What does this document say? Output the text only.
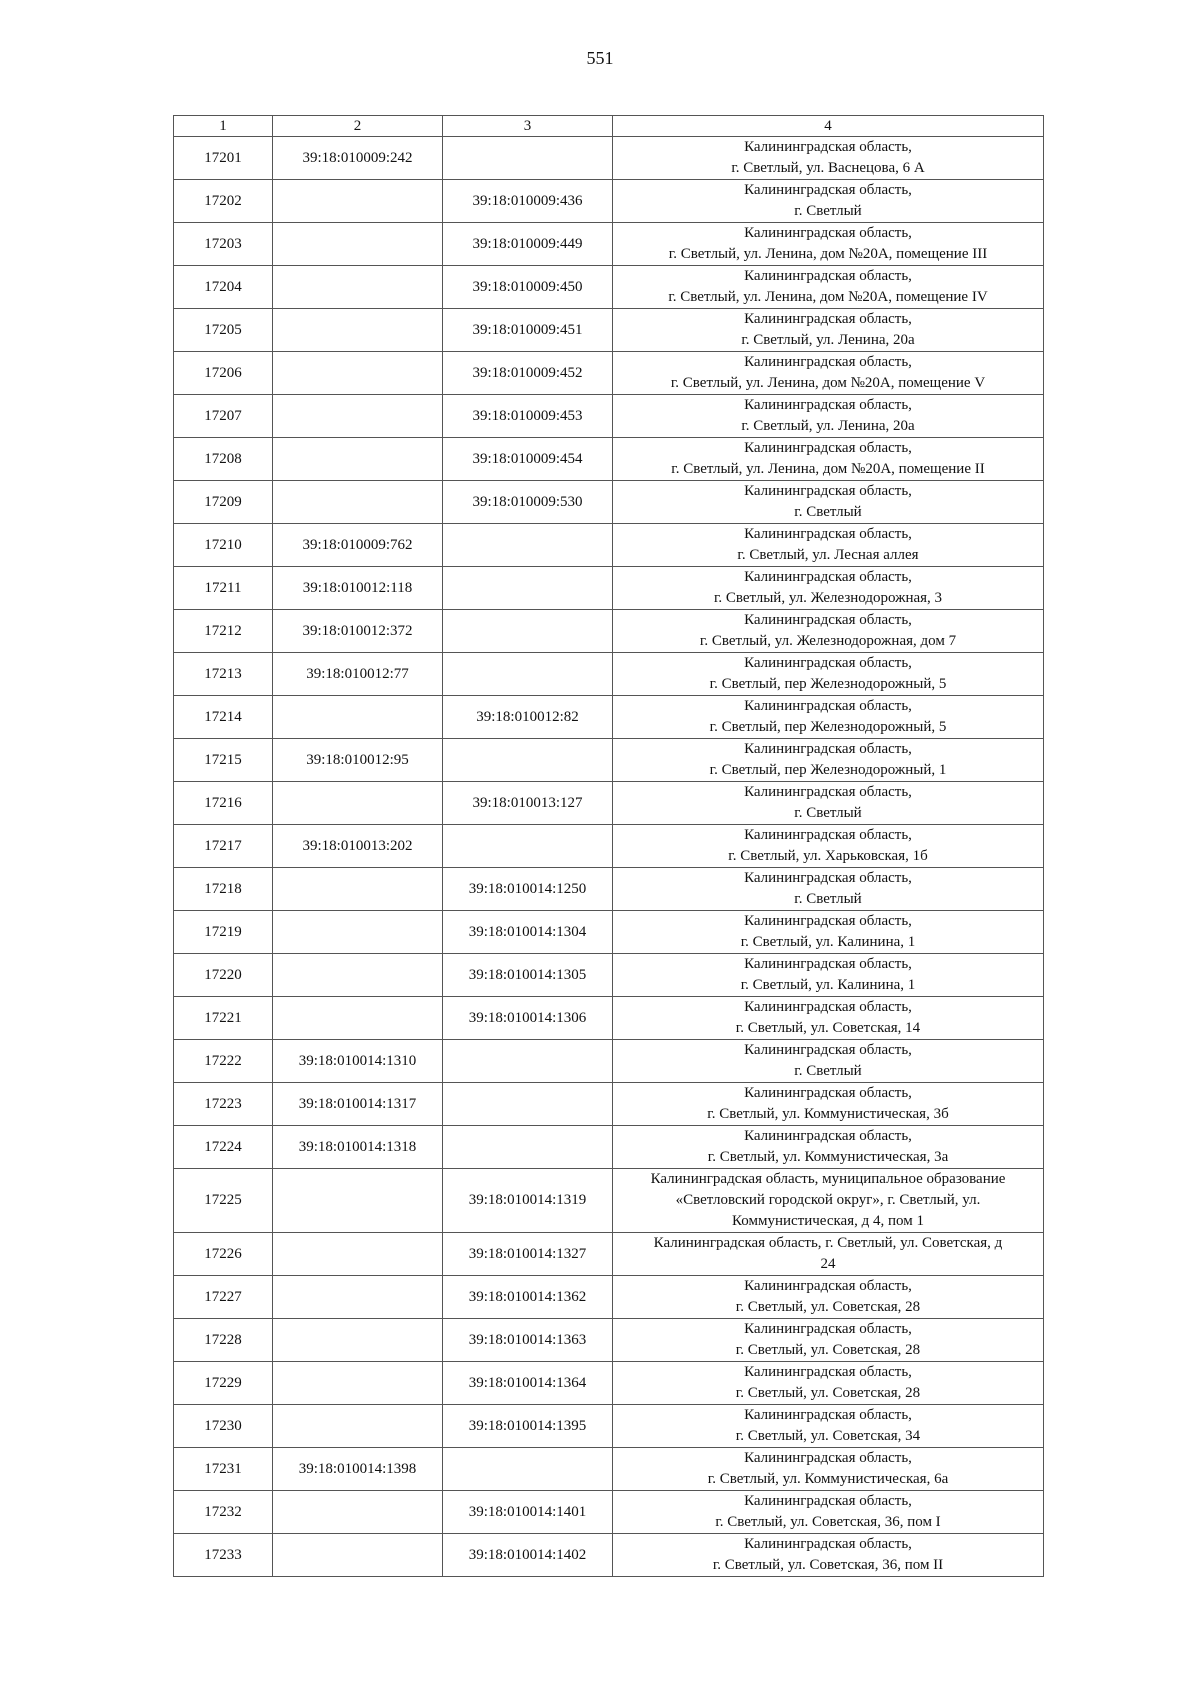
551
1	2	3	4
17201	39:18:010009:242		Калининградская область,
г. Светлый, ул. Васнецова, 6 А

17202		39:18:010009:436	Калининградская область,
г. Светлый

17203		39:18:010009:449	Калининградская область,
г. Светлый, ул. Ленина, дом №20А, помещение III

17204		39:18:010009:450	Калининградская область,
г. Светлый, ул. Ленина, дом №20А, помещение IV

17205		39:18:010009:451	Калининградская область,
г. Светлый, ул. Ленина, 20а

17206		39:18:010009:452	Калининградская область,
г. Светлый, ул. Ленина, дом №20А, помещение V

17207		39:18:010009:453	Калининградская область,
г. Светлый, ул. Ленина, 20а

17208		39:18:010009:454	Калининградская область,
г. Светлый, ул. Ленина, дом №20А, помещение II

17209		39:18:010009:530	Калининградская область,
г. Светлый

17210	39:18:010009:762		Калининградская область,
г. Светлый, ул. Лесная аллея

17211	39:18:010012:118		Калининградская область,
г. Светлый, ул. Железнодорожная, 3

17212	39:18:010012:372		Калининградская область,
г. Светлый, ул. Железнодорожная, дом 7

17213	39:18:010012:77		Калининградская область,
г. Светлый, пер Железнодорожный, 5

17214		39:18:010012:82	Калининградская область,
г. Светлый, пер Железнодорожный, 5

17215	39:18:010012:95		Калининградская область,
г. Светлый, пер Железнодорожный, 1

17216		39:18:010013:127	Калининградская область,
г. Светлый

17217	39:18:010013:202		Калининградская область,
г. Светлый, ул. Харьковская, 1б

17218		39:18:010014:1250	Калининградская область,
г. Светлый

17219		39:18:010014:1304	Калининградская область,
г. Светлый, ул. Калинина, 1

17220		39:18:010014:1305	Калининградская область,
г. Светлый, ул. Калинина, 1

17221		39:18:010014:1306	Калининградская область,
г. Светлый, ул. Советская, 14

17222	39:18:010014:1310		Калининградская область,
г. Светлый

17223	39:18:010014:1317		Калининградская область,
г. Светлый, ул. Коммунистическая, 3б

17224	39:18:010014:1318		Калининградская область,
г. Светлый, ул. Коммунистическая, 3а

17225		39:18:010014:1319	Калининградская область, муниципальное образование
«Светловский городской округ», г. Светлый, ул.
Коммунистическая, д 4, пом 1

17226		39:18:010014:1327	Калининградская область, г. Светлый, ул. Советская, д
24

17227		39:18:010014:1362	Калининградская область,
г. Светлый, ул. Советская, 28

17228		39:18:010014:1363	Калининградская область,
г. Светлый, ул. Советская, 28

17229		39:18:010014:1364	Калининградская область,
г. Светлый, ул. Советская, 28

17230		39:18:010014:1395	Калининградская область,
г. Светлый, ул. Советская, 34

17231	39:18:010014:1398		Калининградская область,
г. Светлый, ул. Коммунистическая, 6а

17232		39:18:010014:1401	Калининградская область,
г. Светлый, ул. Советская, 36, пом I

17233		39:18:010014:1402	Калининградская область,
г. Светлый, ул. Советская, 36, пом II
